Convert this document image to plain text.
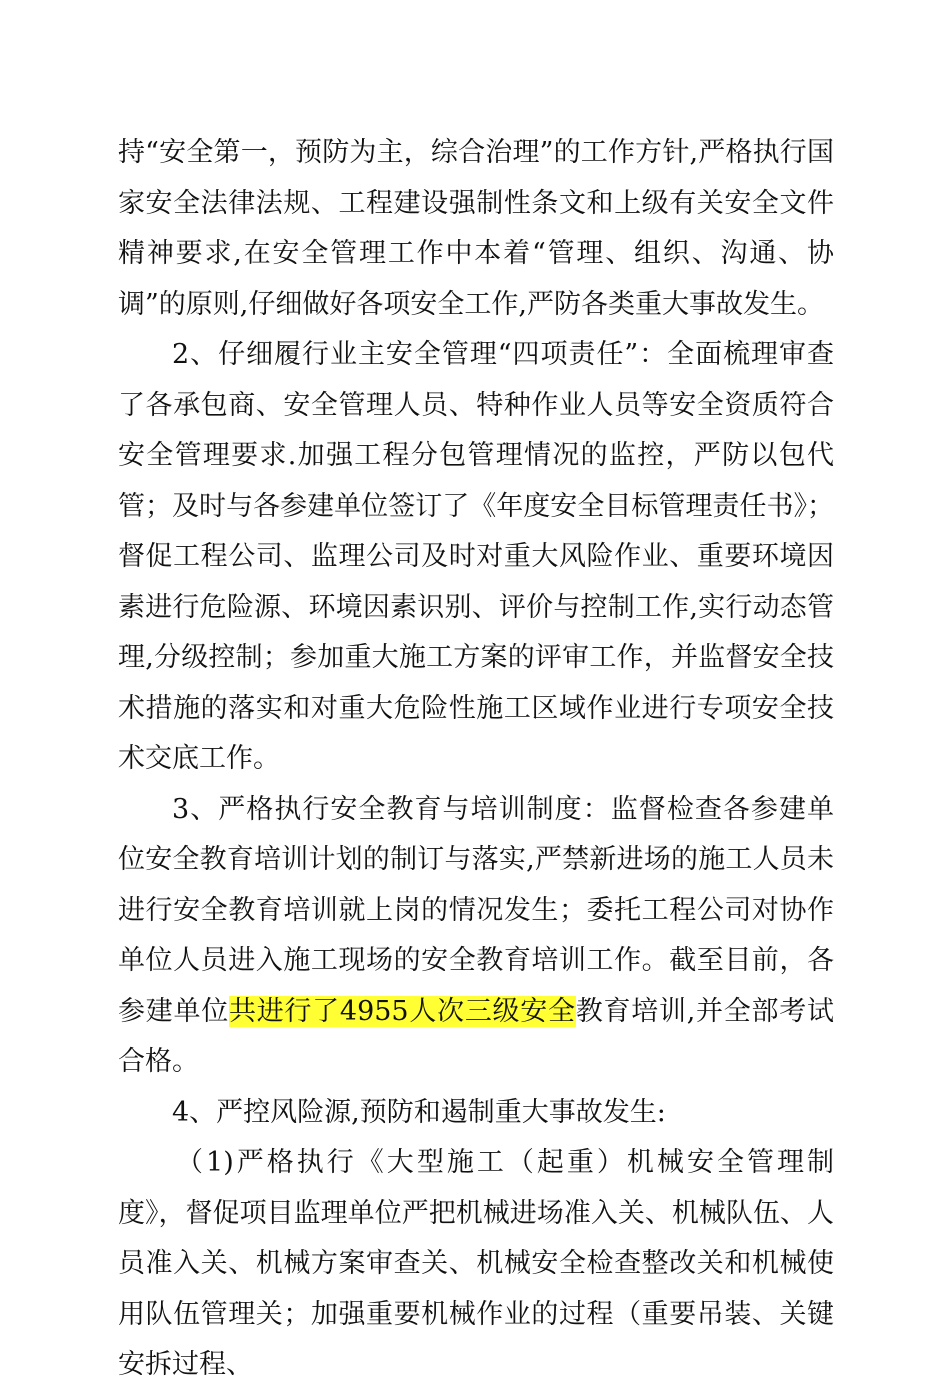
持“安全第一，预防为主，综合治理”的工作方针,严格执行国家安全法律法规、工程建设强制性条文和上级有关安全文件精神要求,在安全管理工作中本着“管理、组织、沟通、协调”的原则,仔细做好各项安全工作,严防各类重大事故发生。

2、仔细履行业主安全管理“四项责任”：全面梳理审查了各承包商、安全管理人员、特种作业人员等安全资质符合安全管理要求.加强工程分包管理情况的监控，严防以包代管；及时与各参建单位签订了《年度安全目标管理责任书》；督促工程公司、监理公司及时对重大风险作业、重要环境因素进行危险源、环境因素识别、评价与控制工作,实行动态管理,分级控制；参加重大施工方案的评审工作，并监督安全技术措施的落实和对重大危险性施工区域作业进行专项安全技术交底工作。

3、严格执行安全教育与培训制度：监督检查各参建单位安全教育培训计划的制订与落实,严禁新进场的施工人员未进行安全教育培训就上岗的情况发生；委托工程公司对协作单位人员进入施工现场的安全教育培训工作。截至目前，各参建单位共进行了4955人次三级安全教育培训,并全部考试合格。

4、严控风险源,预防和遏制重大事故发生:

（1)严格执行《大型施工（起重）机械安全管理制度》，督促项目监理单位严把机械进场准入关、机械队伍、人员准入关、机械方案审查关、机械安全检查整改关和机械使用队伍管理关；加强重要机械作业的过程（重要吊装、关键安拆过程、
